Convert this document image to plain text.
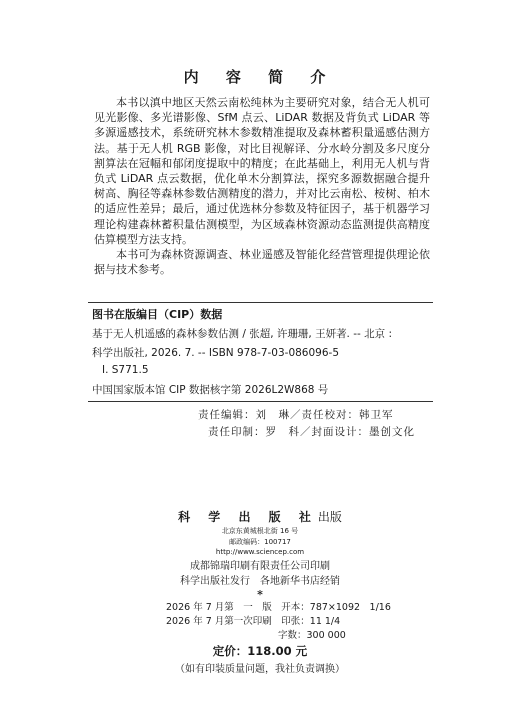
内 容 简 介

本书以滇中地区天然云南松纯林为主要研究对象，结合无人机可见光影像、多光谱影像、SfM 点云、LiDAR 数据及背负式 LiDAR 等多源遥感技术，系统研究林木参数精准提取及森林蓄积量遥感估测方法。基于无人机 RGB 影像，对比目视解译、分水岭分割及多尺度分割算法在冠幅和郁闭度提取中的精度；在此基础上，利用无人机与背负式 LiDAR 点云数据，优化单木分割算法，探究多源数据融合提升树高、胸径等森林参数估测精度的潜力，并对比云南松、桉树、柏木的适应性差异；最后，通过优选林分参数及特征因子，基于机器学习理论构建森林蓄积量估测模型，为区域森林资源动态监测提供高精度估算模型方法支持。

本书可为森林资源调查、林业遥感及智能化经营管理提供理论依据与技术参考。

图书在版编目（CIP）数据
基于无人机遥感的森林参数估测 / 张超, 许珊珊, 王妍著. -- 北京 :
科学出版社, 2026. 7. -- ISBN 978-7-03-086096-5
Ⅰ. S771.5
中国国家版本馆 CIP 数据核字第 2026L2W868 号
责任编辑：刘　琳／责任校对：韩卫军
责任印制：罗　科／封面设计：墨创文化
科 学 出 版 社出版
北京东黄城根北街 16 号
邮政编码：100717
http://www.sciencep.com
成都锦瑞印刷有限责任公司印刷
科学出版社发行　各地新华书店经销
*
2026 年 7 月第　一　版　开本：787×1092　1/16
2026 年 7 月第一次印刷　印张：11 1/4
字数：300 000
定价：118.00 元
（如有印装质量问题，我社负责调换）
